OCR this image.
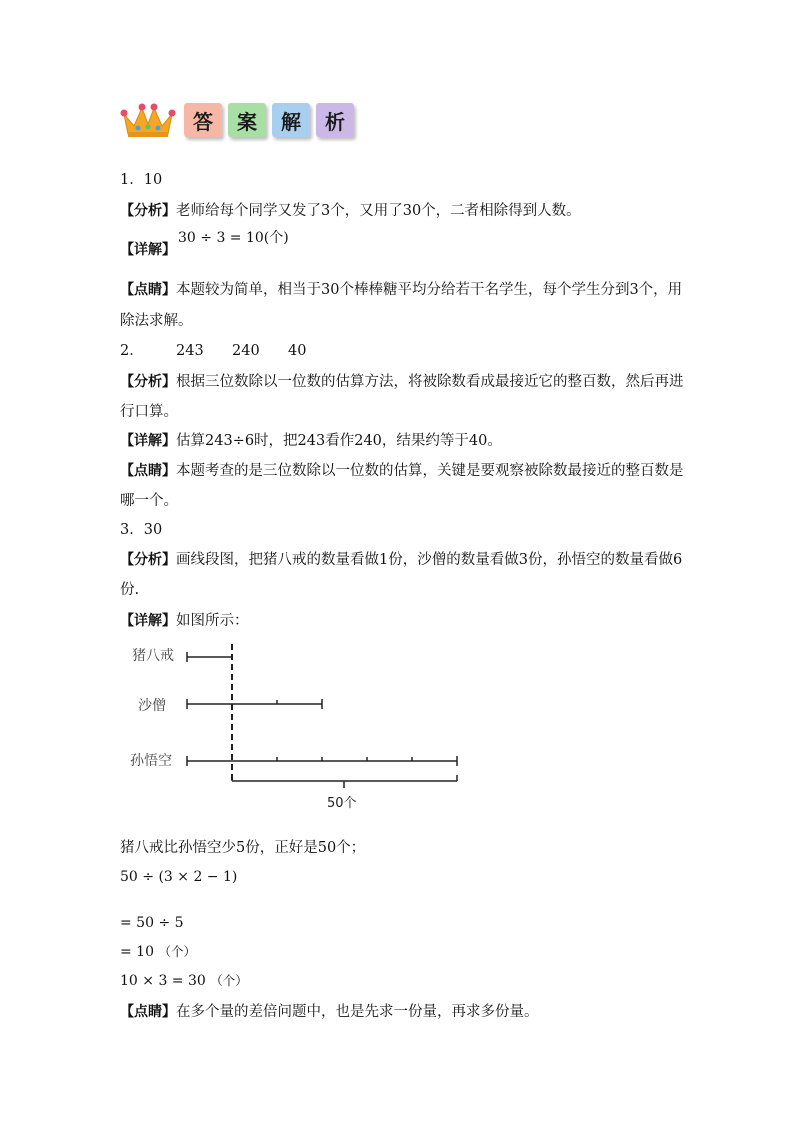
答	案	解	析
1．10
【分析】老师给每个同学又发了3个，又用了30个，二者相除得到人数。
【详解】
30 ÷ 3 = 10(个)
【点睛】本题较为简单，相当于30个棒棒糖平均分给若干名学生，每个学生分到3个，用
除法求解。
2． 243 240 40
【分析】根据三位数除以一位数的估算方法，将被除数看成最接近它的整百数，然后再进
行口算。
【详解】估算243÷6时，把243看作240，结果约等于40。
【点睛】本题考查的是三位数除以一位数的估算，关键是要观察被除数最接近的整百数是
哪一个。
3．30
【分析】画线段图，把猪八戒的数量看做1份，沙僧的数量看做3份，孙悟空的数量看做6
份.
【详解】如图所示：
猪八戒
沙僧
孙悟空
50个
猪八戒比孙悟空少5份，正好是50个；
50 ÷ (3 × 2 − 1)
= 50 ÷ 5
= 10 （个）
10 × 3 = 30 （个）
【点睛】在多个量的差倍问题中，也是先求一份量，再求多份量。
